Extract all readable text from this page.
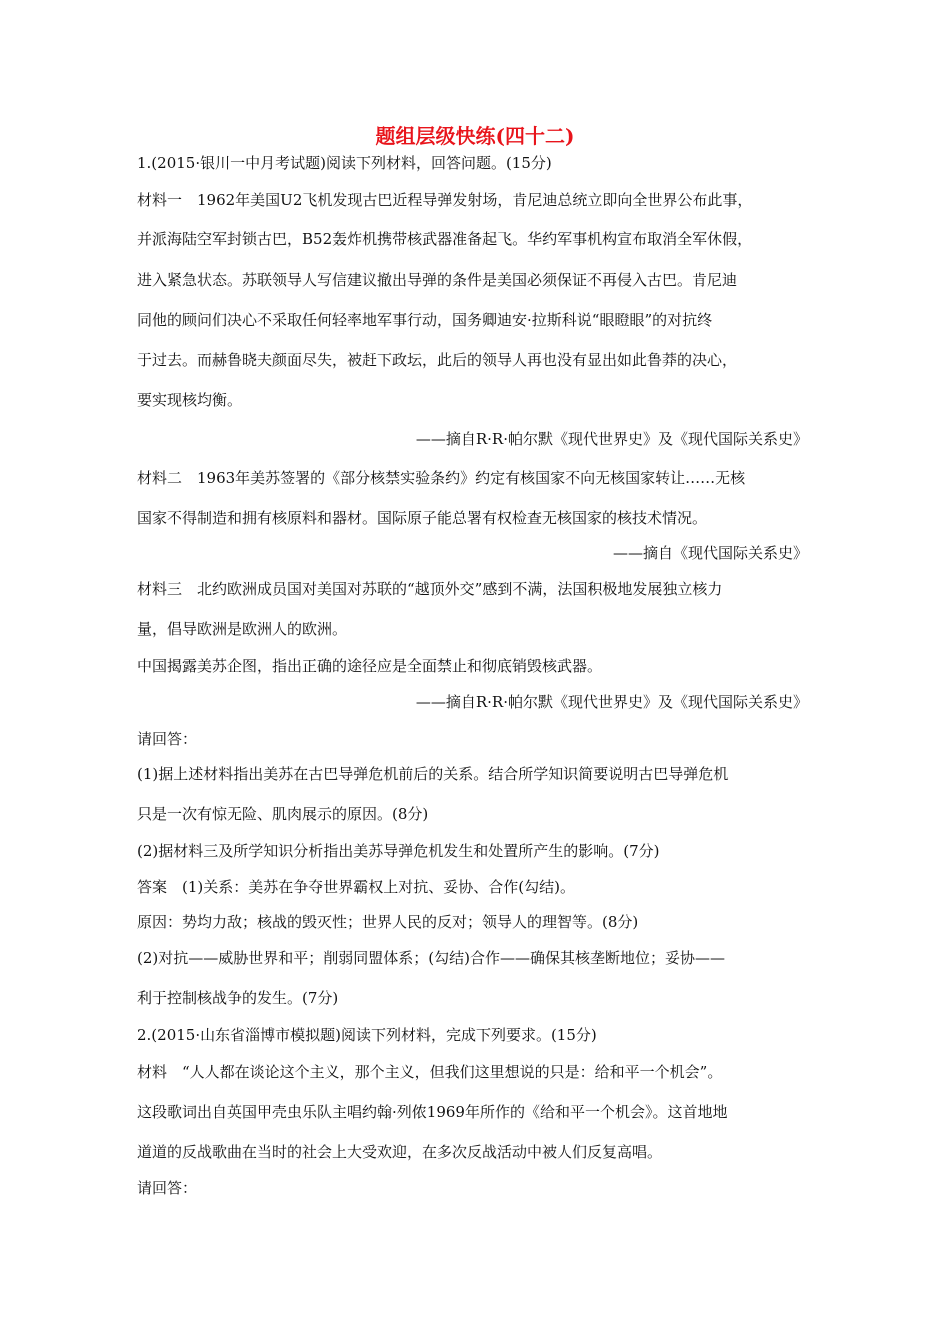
题组层级快练(四十二)
1.(2015·银川一中月考试题)阅读下列材料，回答问题。(15分)
材料一　1962年美国U2飞机发现古巴近程导弹发射场，肯尼迪总统立即向全世界公布此事，
并派海陆空军封锁古巴，B52轰炸机携带核武器准备起飞。华约军事机构宣布取消全军休假，
进入紧急状态。苏联领导人写信建议撤出导弹的条件是美国必须保证不再侵入古巴。肯尼迪
同他的顾问们决心不采取任何轻率地军事行动，国务卿迪安·拉斯科说“眼瞪眼”的对抗终
于过去。而赫鲁晓夫颜面尽失，被赶下政坛，此后的领导人再也没有显出如此鲁莽的决心，
要实现核均衡。
——摘自R·R·帕尔默《现代世界史》及《现代国际关系史》
材料二　1963年美苏签署的《部分核禁实验条约》约定有核国家不向无核国家转让……无核
国家不得制造和拥有核原料和器材。国际原子能总署有权检查无核国家的核技术情况。
——摘自《现代国际关系史》
材料三　北约欧洲成员国对美国对苏联的“越顶外交”感到不满，法国积极地发展独立核力
量，倡导欧洲是欧洲人的欧洲。
中国揭露美苏企图，指出正确的途径应是全面禁止和彻底销毁核武器。
——摘自R·R·帕尔默《现代世界史》及《现代国际关系史》
请回答：
(1)据上述材料指出美苏在古巴导弹危机前后的关系。结合所学知识简要说明古巴导弹危机
只是一次有惊无险、肌肉展示的原因。(8分)
(2)据材料三及所学知识分析指出美苏导弹危机发生和处置所产生的影响。(7分)
答案　(1)关系：美苏在争夺世界霸权上对抗、妥协、合作(勾结)。
原因：势均力敌；核战的毁灭性；世界人民的反对；领导人的理智等。(8分)
(2)对抗——威胁世界和平；削弱同盟体系；(勾结)合作——确保其核垄断地位；妥协——
利于控制核战争的发生。(7分)
2.(2015·山东省淄博市模拟题)阅读下列材料，完成下列要求。(15分)
材料　“人人都在谈论这个主义，那个主义，但我们这里想说的只是：给和平一个机会”。
这段歌词出自英国甲壳虫乐队主唱约翰·列侬1969年所作的《给和平一个机会》。这首地地
道道的反战歌曲在当时的社会上大受欢迎，在多次反战活动中被人们反复高唱。
请回答：
